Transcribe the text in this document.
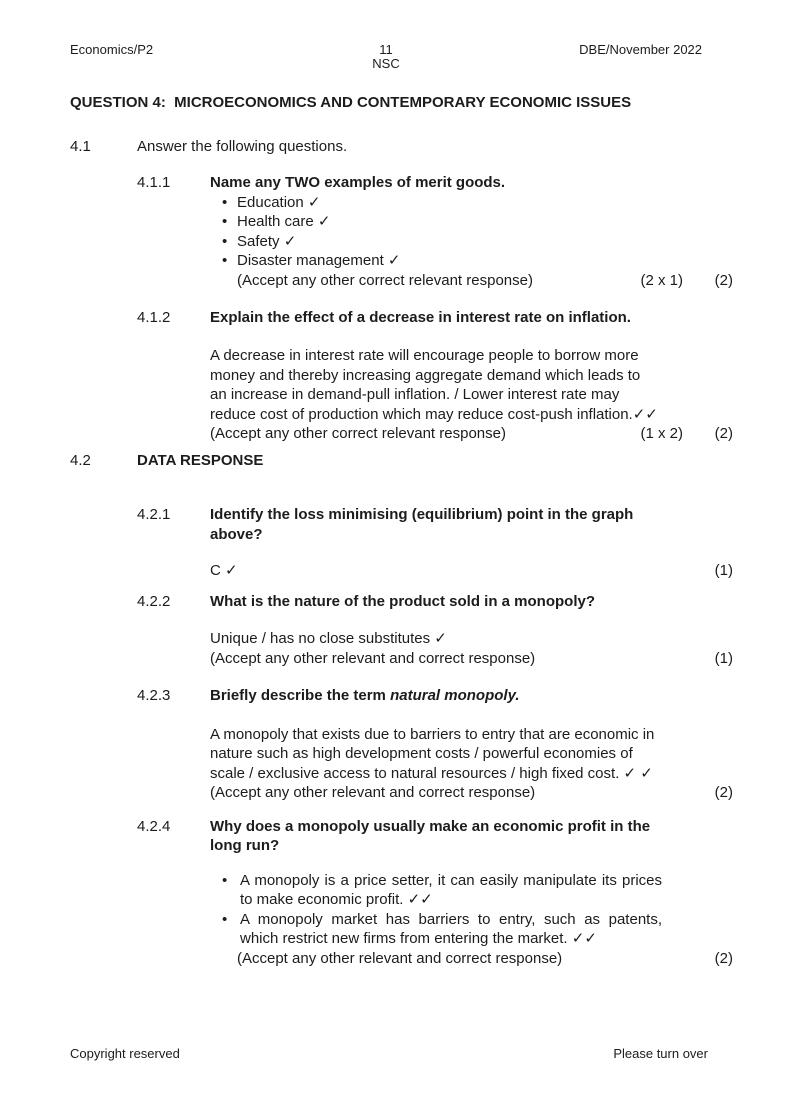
Economics/P2	11	DBE/November 2022
NSC
QUESTION 4:  MICROECONOMICS AND CONTEMPORARY ECONOMIC ISSUES
4.1	Answer the following questions.
4.1.1	Name any TWO examples of merit goods.
• Education ✓
• Health care ✓
• Safety ✓
• Disaster management ✓
(Accept any other correct relevant response)	(2 x 1) (2)
4.1.2	Explain the effect of a decrease in interest rate on inflation.
A decrease in interest rate will encourage people to borrow more money and thereby increasing aggregate demand which leads to an increase in demand-pull inflation. / Lower interest rate may reduce cost of production which may reduce cost-push inflation.✓✓
(Accept any other correct relevant response)	(1 x 2) (2)
4.2	DATA RESPONSE
4.2.1	Identify the loss minimising (equilibrium) point in the graph above?
C ✓	(1)
4.2.2	What is the nature of the product sold in a monopoly?
Unique / has no close substitutes ✓
(Accept any other relevant and correct response)	(1)
4.2.3	Briefly describe the term natural monopoly.
A monopoly that exists due to barriers to entry that are economic in nature such as high development costs / powerful economies of scale / exclusive access to natural resources / high fixed cost. ✓ ✓
(Accept any other relevant and correct response)	(2)
4.2.4	Why does a monopoly usually make an economic profit in the long run?
• A monopoly is a price setter, it can easily manipulate its prices to make economic profit. ✓✓
• A monopoly market has barriers to entry, such as patents, which restrict new firms from entering the market. ✓✓
(Accept any other relevant and correct response)	(2)
Copyright reserved	Please turn over
